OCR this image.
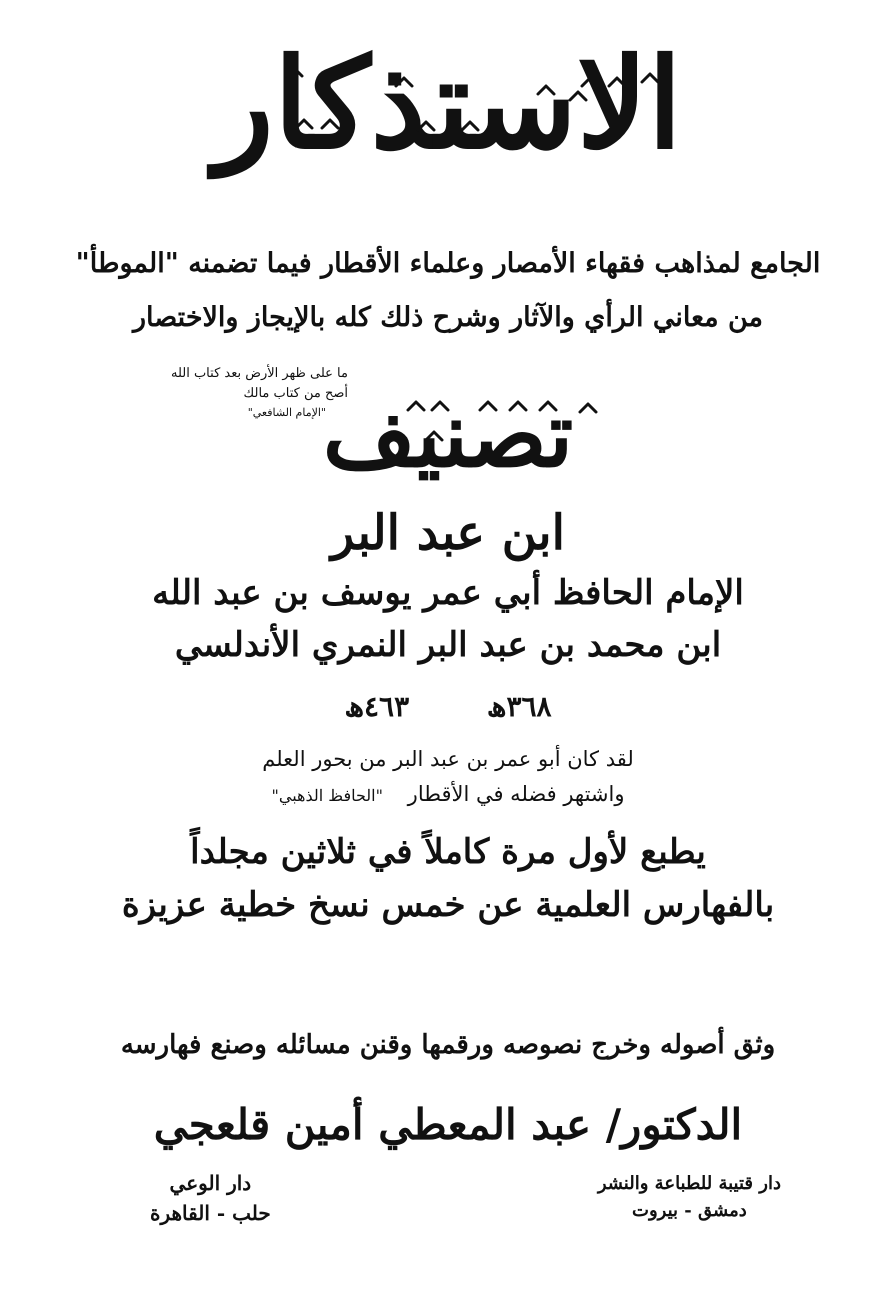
الاستذكار
الجامع لمذاهب فقهاء الأمصار وعلماء الأقطار فيما تضمنه "الموطأ"
من معاني الرأي والآثار وشرح ذلك كله بالإيجاز والاختصار
ما على ظهر الأرض بعد كتاب الله
أصح من كتاب مالك
"الإمام الشافعي"
تصنيف
ابن عبد البر
الإمام الحافظ أبي عمر يوسف بن عبد الله
ابن محمد بن عبد البر النمري الأندلسي
٣٦٨ھ ٤٦٣ھ
لقد كان أبو عمر بن عبد البر من بحور العلم
واشتهر فضله في الأقطار "الحافظ الذهبي"
يطبع لأول مرة كاملاً في ثلاثين مجلداً
بالفهارس العلمية عن خمس نسخ خطية عزيزة
وثق أصوله وخرج نصوصه ورقمها وقنن مسائله وصنع فهارسه
الدكتور/ عبد المعطي أمين قلعجي
دار قتيبة للطباعة والنشر
دمشق - بيروت
دار الوعي
حلب - القاهرة
